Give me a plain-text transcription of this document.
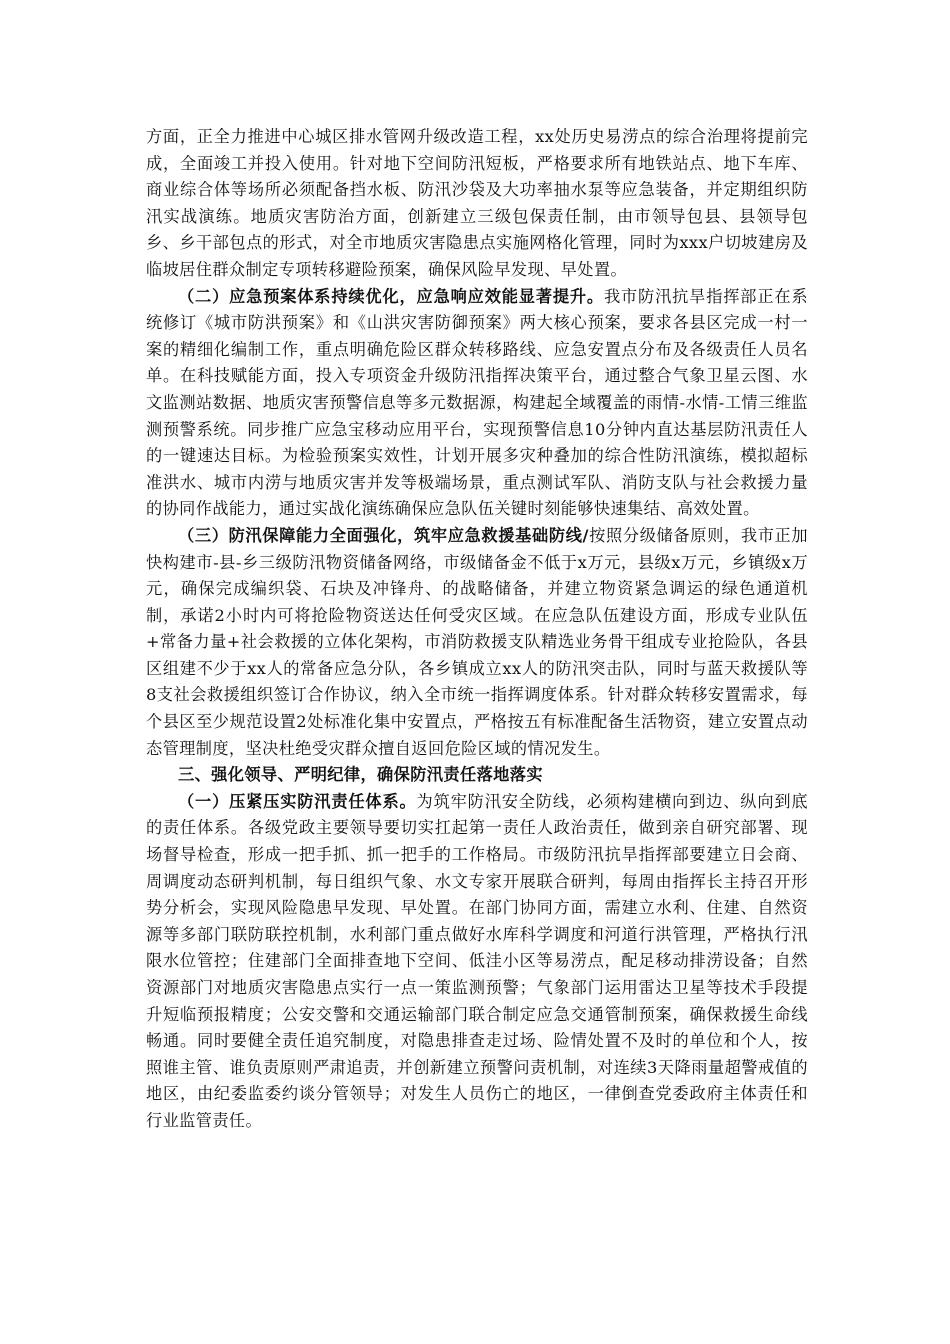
方面，正全力推进中心城区排水管网升级改造工程，xx处历史易涝点的综合治理将提前完成，全面竣工并投入使用。针对地下空间防汛短板，严格要求所有地铁站点、地下车库、商业综合体等场所必须配备挡水板、防汛沙袋及大功率抽水泵等应急装备，并定期组织防汛实战演练。地质灾害防治方面，创新建立三级包保责任制，由市领导包县、县领导包乡、乡干部包点的形式，对全市地质灾害隐患点实施网格化管理，同时为xxx户切坡建房及临坡居住群众制定专项转移避险预案，确保风险早发现、早处置。

（二）应急预案体系持续优化，应急响应效能显著提升。我市防汛抗旱指挥部正在系统修订《城市防洪预案》和《山洪灾害防御预案》两大核心预案，要求各县区完成一村一案的精细化编制工作，重点明确危险区群众转移路线、应急安置点分布及各级责任人员名单。在科技赋能方面，投入专项资金升级防汛指挥决策平台，通过整合气象卫星云图、水文监测站数据、地质灾害预警信息等多元数据源，构建起全域覆盖的雨情-水情-工情三维监测预警系统。同步推广应急宝移动应用平台，实现预警信息10分钟内直达基层防汛责任人的一键速达目标。为检验预案实效性，计划开展多灾种叠加的综合性防汛演练，模拟超标准洪水、城市内涝与地质灾害并发等极端场景，重点测试军队、消防支队与社会救援力量的协同作战能力，通过实战化演练确保应急队伍关键时刻能够快速集结、高效处置。

（三）防汛保障能力全面强化，筑牢应急救援基础防线/按照分级储备原则，我市正加快构建市-县-乡三级防汛物资储备网络，市级储备金不低于x万元，县级x万元，乡镇级x万元，确保完成编织袋、石块及冲锋舟、的战略储备，并建立物资紧急调运的绿色通道机制，承诺2小时内可将抢险物资送达任何受灾区域。在应急队伍建设方面，形成专业队伍+常备力量+社会救援的立体化架构，市消防救援支队精选业务骨干组成专业抢险队，各县区组建不少于xx人的常备应急分队，各乡镇成立xx人的防汛突击队，同时与蓝天救援队等8支社会救援组织签订合作协议，纳入全市统一指挥调度体系。针对群众转移安置需求，每个县区至少规范设置2处标准化集中安置点，严格按五有标准配备生活物资，建立安置点动态管理制度，坚决杜绝受灾群众擅自返回危险区域的情况发生。

三、强化领导、严明纪律，确保防汛责任落地落实

（一）压紧压实防汛责任体系。为筑牢防汛安全防线，必须构建横向到边、纵向到底的责任体系。各级党政主要领导要切实扛起第一责任人政治责任，做到亲自研究部署、现场督导检查，形成一把手抓、抓一把手的工作格局。市级防汛抗旱指挥部要建立日会商、周调度动态研判机制，每日组织气象、水文专家开展联合研判，每周由指挥长主持召开形势分析会，实现风险隐患早发现、早处置。在部门协同方面，需建立水利、住建、自然资源等多部门联防联控机制，水利部门重点做好水库科学调度和河道行洪管理，严格执行汛限水位管控；住建部门全面排查地下空间、低洼小区等易涝点，配足移动排涝设备；自然资源部门对地质灾害隐患点实行一点一策监测预警；气象部门运用雷达卫星等技术手段提升短临预报精度；公安交警和交通运输部门联合制定应急交通管制预案，确保救援生命线畅通。同时要健全责任追究制度，对隐患排查走过场、险情处置不及时的单位和个人，按照谁主管、谁负责原则严肃追责，并创新建立预警问责机制，对连续3天降雨量超警戒值的地区，由纪委监委约谈分管领导；对发生人员伤亡的地区，一律倒查党委政府主体责任和行业监管责任。
